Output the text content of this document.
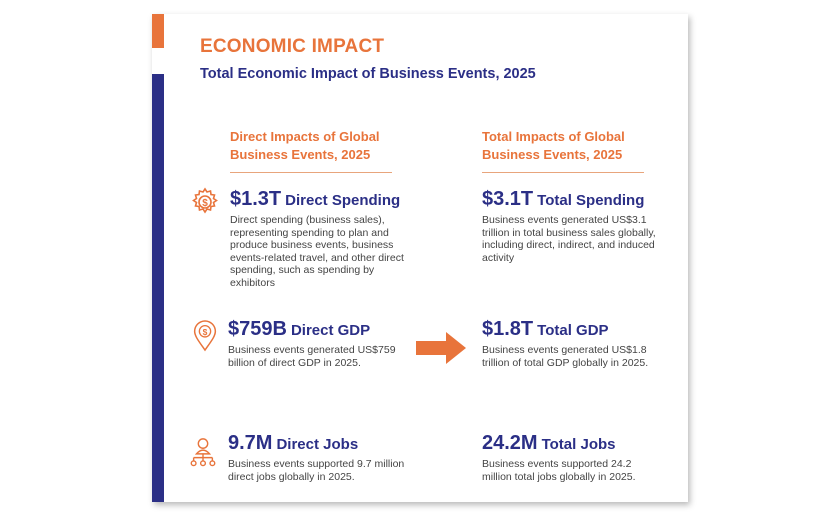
ECONOMIC IMPACT
Total Economic Impact of Business Events, 2025
Direct Impacts of Global Business Events, 2025
Total Impacts of Global Business Events, 2025
$
$
$1.3T Direct Spending
Direct spending (business sales), representing spending to plan and produce business events, business events-related travel, and other direct spending, such as spending by exhibitors
$759B Direct GDP
Business events generated US$759 billion of direct GDP in 2025.
9.7M Direct Jobs
Business events supported 9.7 million direct jobs globally in 2025.
$3.1T Total Spending
Business events generated US$3.1 trillion in total business sales globally, including direct, indirect, and induced activity
$1.8T Total GDP
Business events generated US$1.8 trillion of total GDP globally in 2025.
24.2M Total Jobs
Business events supported 24.2 million total jobs globally in 2025.
